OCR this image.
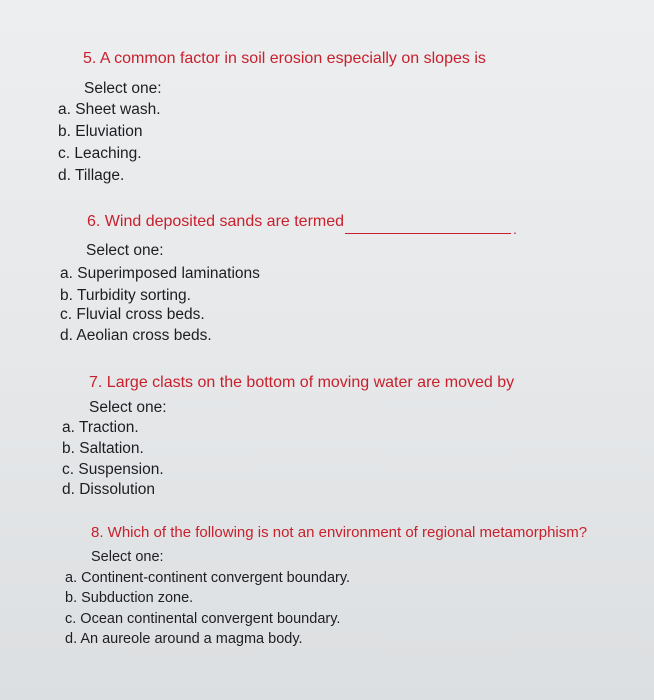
5. A common factor in soil erosion especially on slopes is
Select one:
a. Sheet wash.
b. Eluviation
c. Leaching.
d. Tillage.
6. Wind deposited sands are termed	.
Select one:
a. Superimposed laminations
b. Turbidity sorting.
c. Fluvial cross beds.
d. Aeolian cross beds.
7. Large clasts on the bottom of moving water are moved by
Select one:
a. Traction.
b. Saltation.
c. Suspension.
d. Dissolution
8. Which of the following is not an environment of regional metamorphism?
Select one:
a. Continent-continent convergent boundary.
b. Subduction zone.
c. Ocean continental convergent boundary.
d. An aureole around a magma body.
